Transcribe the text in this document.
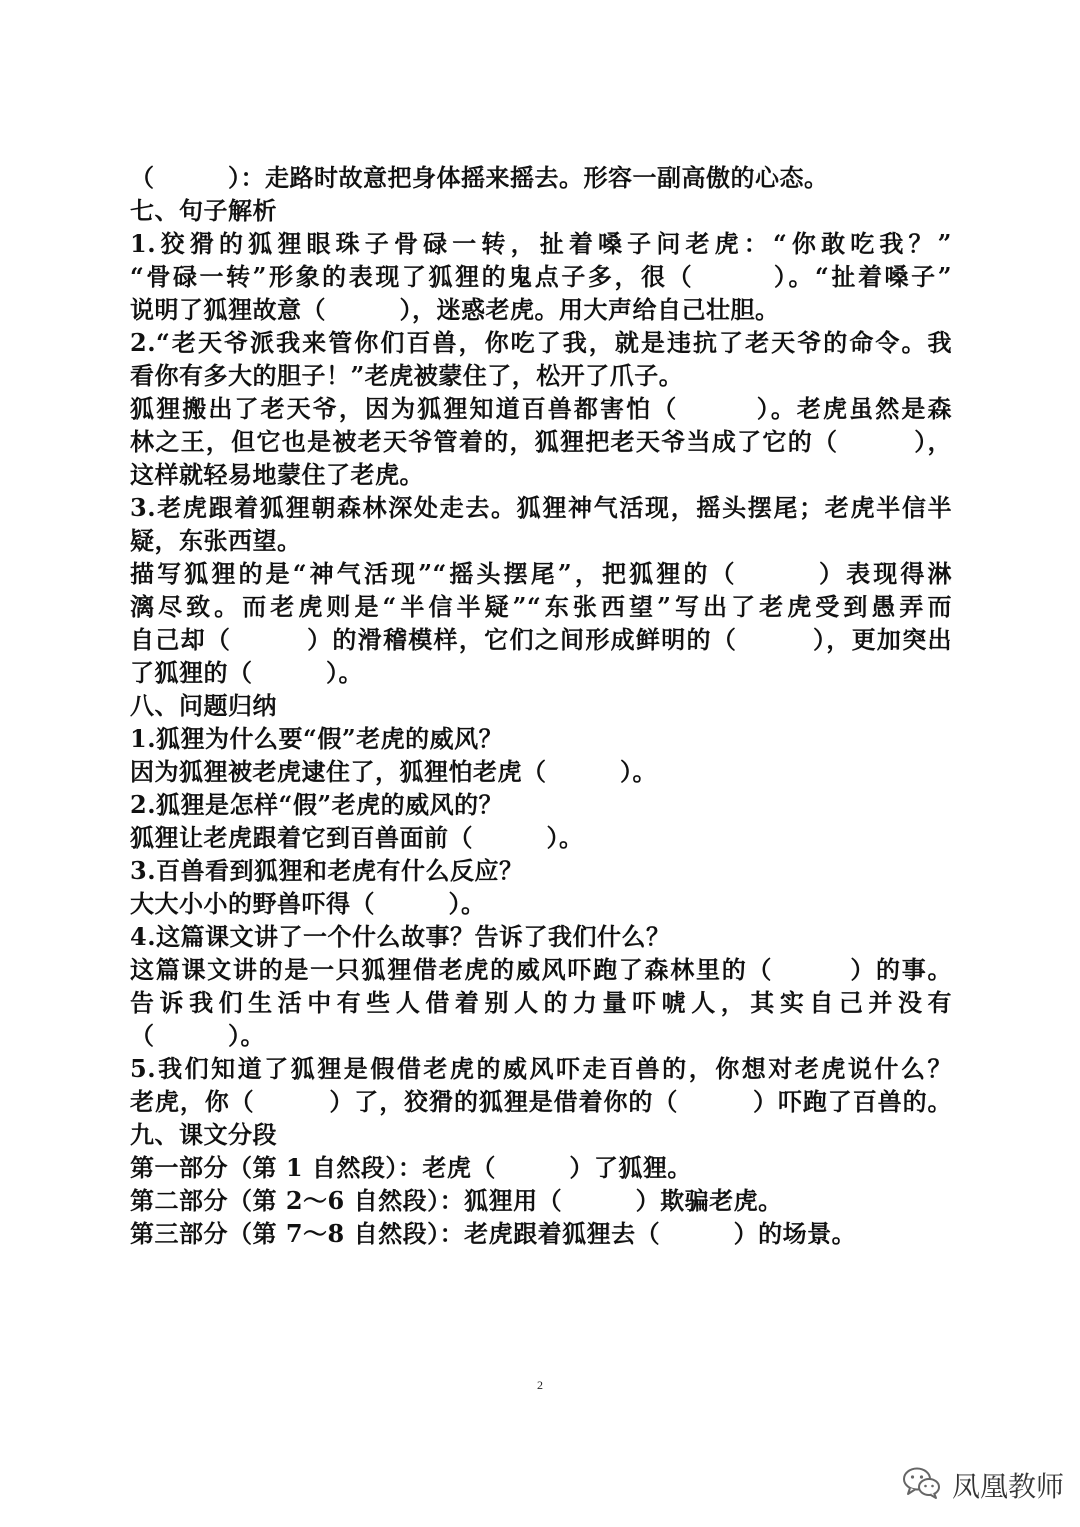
（　　　）：走路时故意把身体摇来摇去。形容一副高傲的心态。
七、句子解析
1.狡猾的狐狸眼珠子骨碌一转，扯着嗓子问老虎：“你敢吃我？”
“骨碌一转”形象的表现了狐狸的鬼点子多，很（　　　）。“扯着嗓子”
说明了狐狸故意（　　　），迷惑老虎。用大声给自己壮胆。
2.“老天爷派我来管你们百兽，你吃了我，就是违抗了老天爷的命令。我
看你有多大的胆子！”老虎被蒙住了，松开了爪子。
狐狸搬出了老天爷，因为狐狸知道百兽都害怕（　　　）。老虎虽然是森
林之王，但它也是被老天爷管着的，狐狸把老天爷当成了它的（　　　），
这样就轻易地蒙住了老虎。
3.老虎跟着狐狸朝森林深处走去。狐狸神气活现，摇头摆尾；老虎半信半
疑，东张西望。
描写狐狸的是“神气活现”“摇头摆尾”，把狐狸的（　　　）表现得淋
漓尽致。而老虎则是“半信半疑”“东张西望”写出了老虎受到愚弄而
自己却（　　　）的滑稽模样，它们之间形成鲜明的（　　　），更加突出
了狐狸的（　　　）。
八、问题归纳
1.狐狸为什么要“假”老虎的威风？
因为狐狸被老虎逮住了，狐狸怕老虎（　　　）。
2.狐狸是怎样“假”老虎的威风的？
狐狸让老虎跟着它到百兽面前（　　　）。
3.百兽看到狐狸和老虎有什么反应？
大大小小的野兽吓得（　　　）。
4.这篇课文讲了一个什么故事？告诉了我们什么？
这篇课文讲的是一只狐狸借老虎的威风吓跑了森林里的（　　　）的事。
告诉我们生活中有些人借着别人的力量吓唬人，其实自己并没有
（　　　）。
5.我们知道了狐狸是假借老虎的威风吓走百兽的，你想对老虎说什么？
老虎，你（　　　）了，狡猾的狐狸是借着你的（　　　）吓跑了百兽的。
九、课文分段
第一部分（第 1 自然段）：老虎（　　　）了狐狸。
第二部分（第 2～6 自然段）：狐狸用（　　　）欺骗老虎。
第三部分（第 7～8 自然段）：老虎跟着狐狸去（　　　）的场景。
2
凤凰教师
